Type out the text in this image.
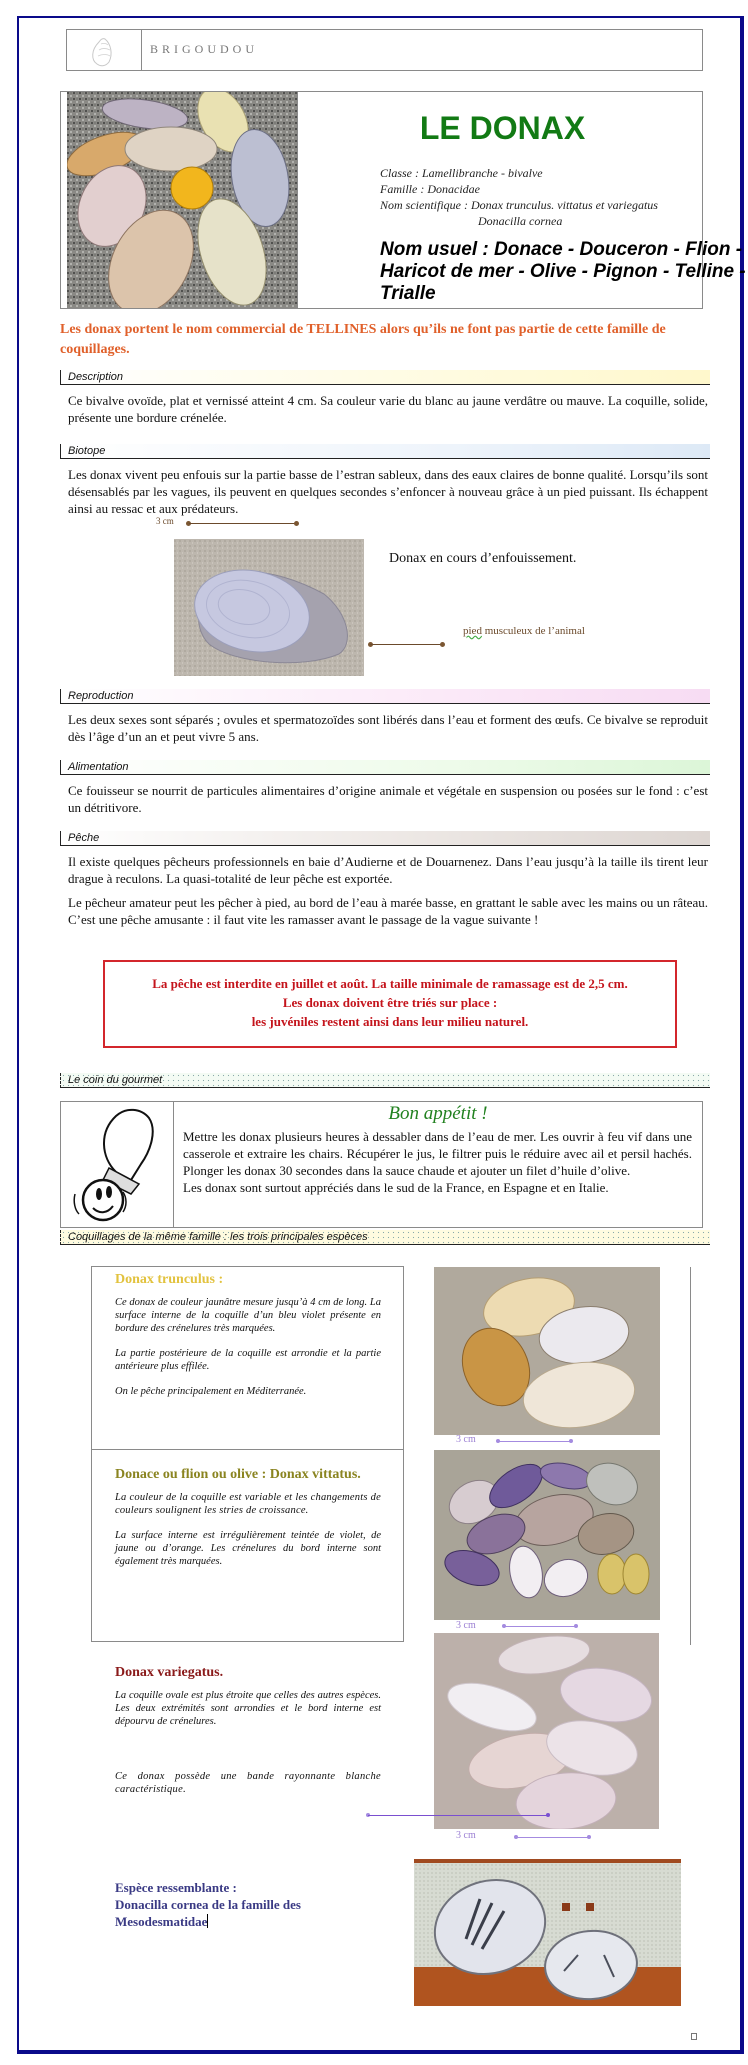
BRIGOUDOU
LE DONAX
Classe : Lamellibranche - bivalve
Famille : Donacidae
Nom scientifique : Donax trunculus. vittatus et variegatus
Donacilla cornea
Nom usuel : Donace - Douceron - Flion - Haricot de mer - Olive - Pignon - Telline - Trialle
Les donax portent le nom commercial de TELLINES alors qu’ils ne font pas partie de cette famille de coquillages.
Description
Ce bivalve ovoïde, plat et vernissé atteint 4 cm. Sa couleur varie du blanc au jaune verdâtre ou mauve. La coquille, solide, présente une bordure crénelée.
Biotope
Les donax vivent peu enfouis sur la partie basse de l’estran sableux, dans des eaux claires de bonne qualité. Lorsqu’ils sont désensablés par les vagues, ils peuvent en quelques secondes s’enfoncer à nouveau grâce à un pied puissant. Ils échappent ainsi au ressac et aux prédateurs.
3 cm
Donax en cours d’enfouissement.
pied musculeux de l’animal
Reproduction
Les deux sexes sont séparés ; ovules et spermatozoïdes sont libérés dans l’eau et forment des œufs. Ce bivalve se reproduit dès l’âge d’un an et peut vivre 5 ans.
Alimentation
Ce fouisseur se nourrit de particules alimentaires d’origine animale et végétale en suspension ou posées sur le fond : c’est un détritivore.
Pêche
Il existe quelques pêcheurs professionnels en baie d’Audierne et de Douarnenez. Dans l’eau jusqu’à la taille ils tirent leur drague à reculons. La quasi-totalité de leur pêche est exportée.
Le pêcheur amateur peut les pêcher à pied, au bord de l’eau à marée basse, en grattant le sable avec les mains ou un râteau. C’est une pêche amusante : il faut vite les ramasser avant le passage de la vague suivante !
La pêche est interdite en juillet et août. La taille minimale de ramassage est de 2,5 cm.
Les donax doivent être triés sur place :
les juvéniles restent ainsi dans leur milieu naturel.
Le coin du gourmet
Bon appétit !
Mettre les donax plusieurs heures à dessabler dans de l’eau de mer. Les ouvrir à feu vif dans une casserole et extraire les chairs. Récupérer le jus, le filtrer puis le réduire avec ail et persil hachés. Plonger les donax 30 secondes dans la sauce chaude et ajouter un filet d’huile d’olive.
Les donax sont surtout appréciés dans le sud de la France, en Espagne et en Italie.
Coquillages de la même famille : les trois principales espèces
Donax trunculus :
Ce donax de couleur jaunâtre mesure jusqu’à 4 cm de long. La surface interne de la coquille d’un bleu violet présente en bordure des crénelures très marquées.
La partie postérieure de la coquille est arrondie et la partie antérieure plus effilée.
On le pêche principalement en Méditerranée.
3 cm
Donace ou flion ou olive : Donax vittatus.
La couleur de la coquille est variable et les changements de couleurs soulignent les stries de croissance.
La surface interne est irrégulièrement teintée de violet, de jaune ou d’orange. Les crénelures du bord interne sont également très marquées.
3 cm
Donax variegatus.
La coquille ovale est plus étroite que celles des autres espèces. Les deux extrémités sont arrondies et le bord interne est dépourvu de crénelures.
Ce donax possède une bande rayonnante blanche caractéristique.
3 cm
Espèce ressemblante :
Donacilla cornea de la famille des
Mesodesmatidae
